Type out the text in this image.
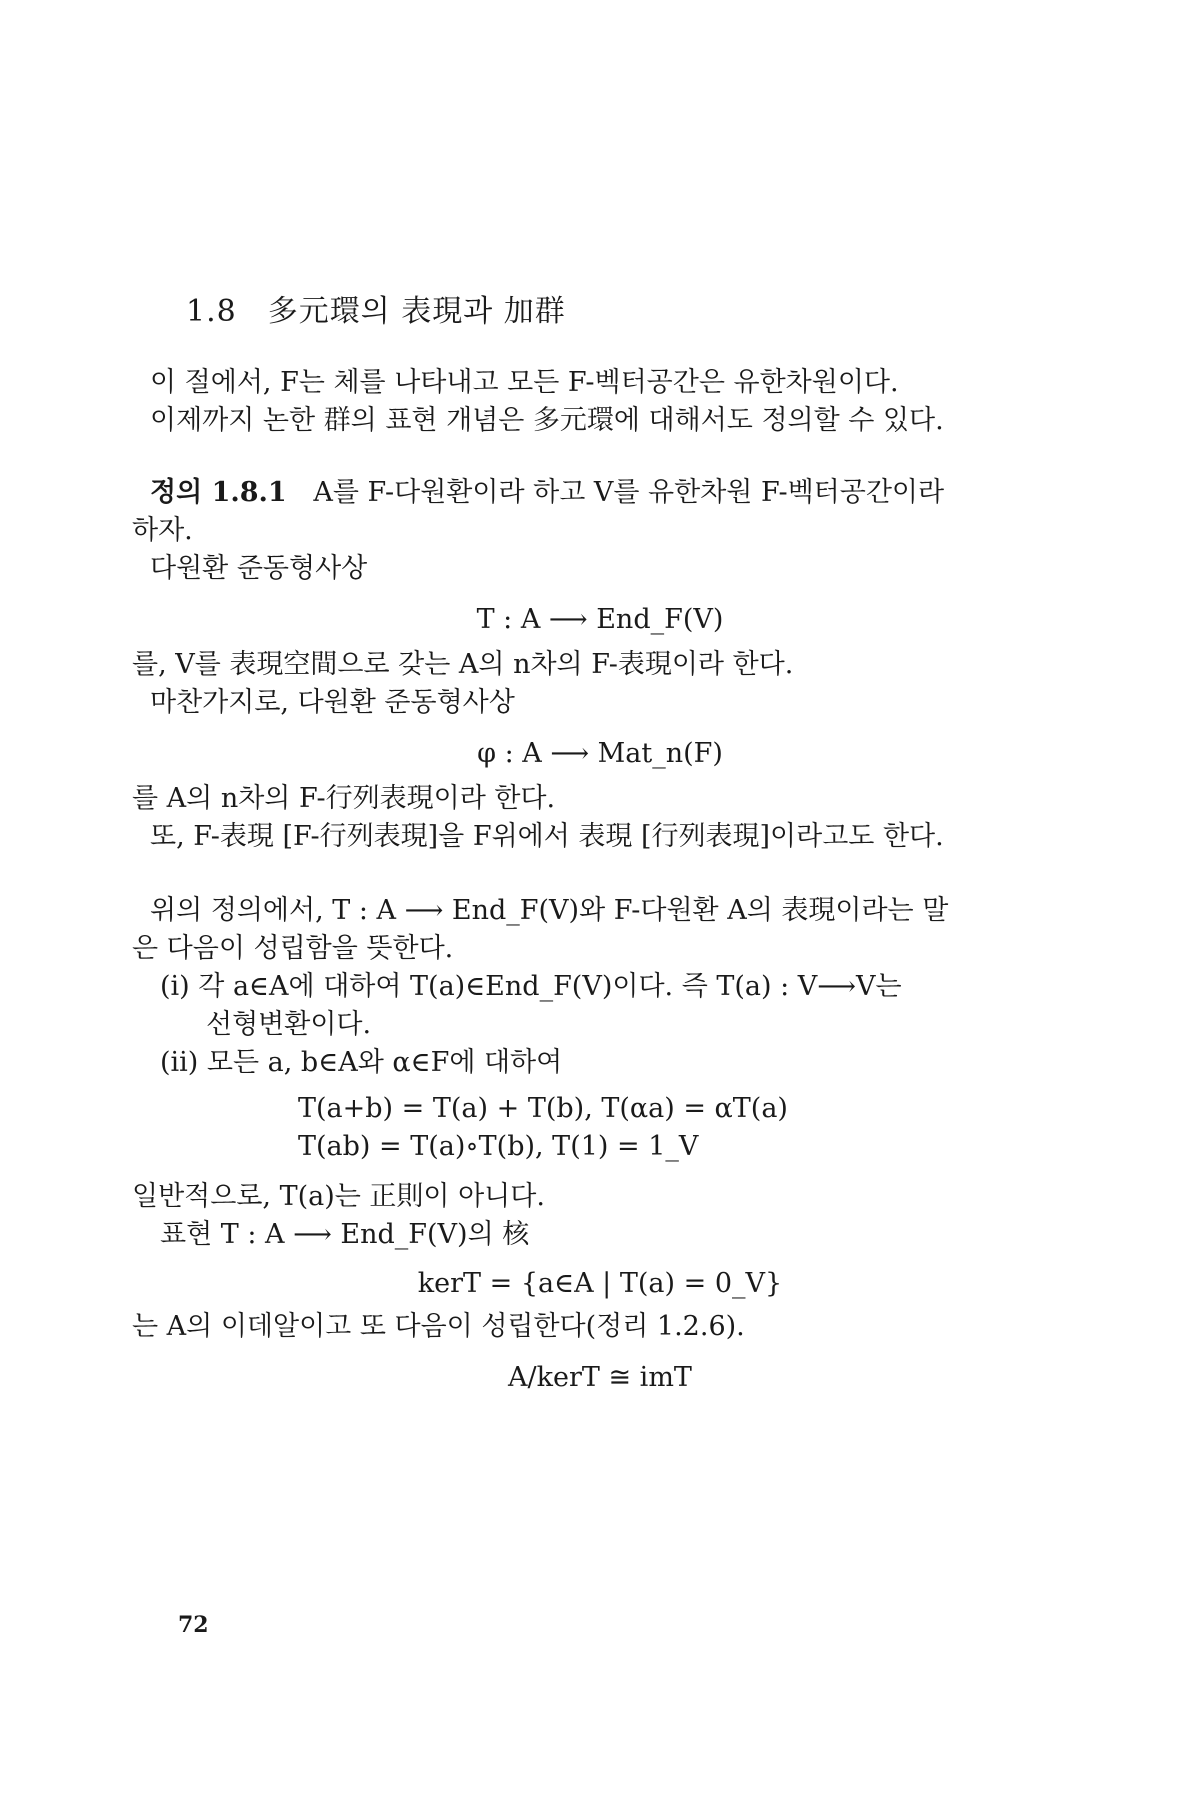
1.8　多元環의 表現과 加群
이 절에서, F는 체를 나타내고 모든 F-벡터공간은 유한차원이다.
이제까지 논한 群의 표현 개념은 多元環에 대해서도 정의할 수 있다.
정의 1.8.1 A를 F-다원환이라 하고 V를 유한차원 F-벡터공간이라
하자.
다원환 준동형사상
T : A ⟶ End_F(V)
를, V를 表現空間으로 갖는 A의 n차의 F-表現이라 한다.
마찬가지로, 다원환 준동형사상
φ : A ⟶ Mat_n(F)
를 A의 n차의 F-行列表現이라 한다.
또, F-表現 [F-行列表現]을 F위에서 表現 [行列表現]이라고도 한다.
위의 정의에서, T : A ⟶ End_F(V)와 F-다원환 A의 表現이라는 말
은 다음이 성립함을 뜻한다.
(i) 각 a∈A에 대하여 T(a)∈End_F(V)이다. 즉 T(a) : V⟶V는
선형변환이다.
(ii) 모든 a, b∈A와 α∈F에 대하여
T(a+b) = T(a) + T(b), T(αa) = αT(a)
T(ab) = T(a)∘T(b), T(1) = 1_V
일반적으로, T(a)는 正則이 아니다.
표현 T : A ⟶ End_F(V)의 核
kerT = {a∈A | T(a) = 0_V}
는 A의 이데알이고 또 다음이 성립한다(정리 1.2.6).
A/kerT ≅ imT
72
